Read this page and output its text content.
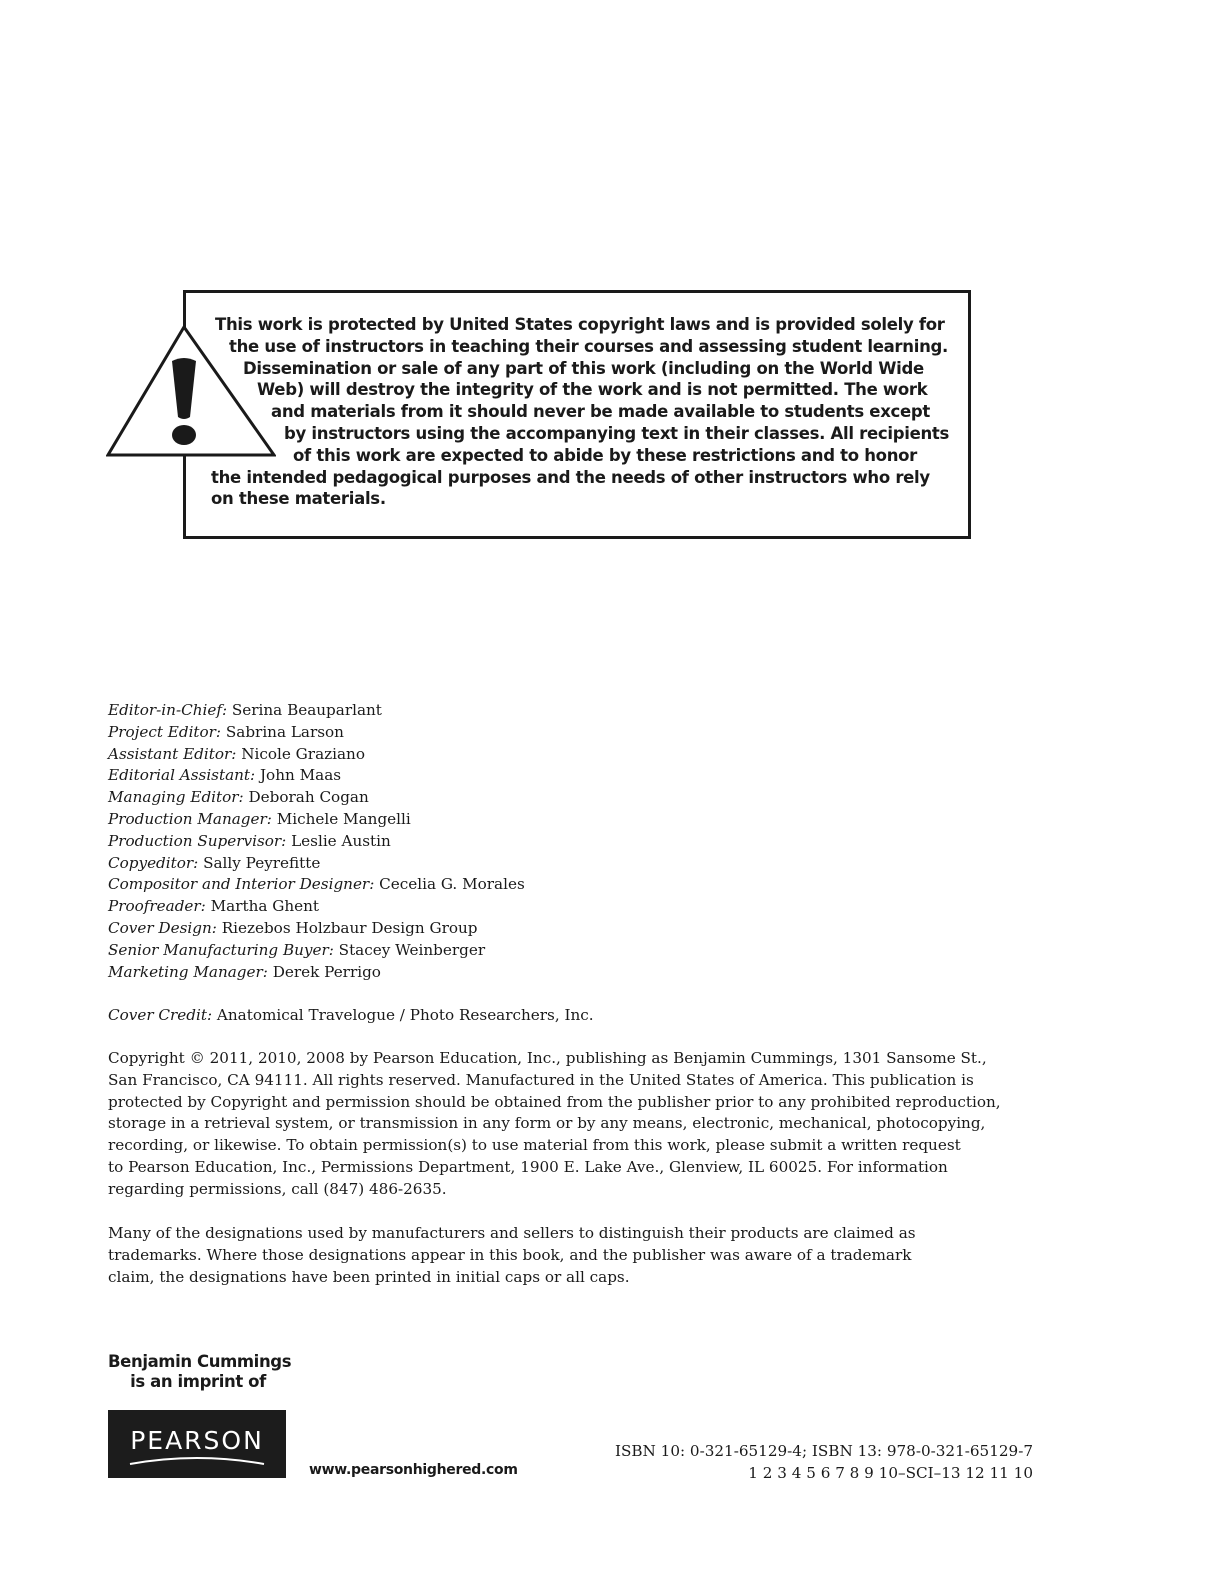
This work is protected by United States copyright laws and is provided solely for
the use of instructors in teaching their courses and assessing student learning.
Dissemination or sale of any part of this work (including on the World Wide
Web) will destroy the integrity of the work and is not permitted. The work
and materials from it should never be made available to students except
by instructors using the accompanying text in their classes. All recipients
of this work are expected to abide by these restrictions and to honor
the intended pedagogical purposes and the needs of other instructors who rely
on these materials.

Editor-in-Chief: Serina Beauparlant
Project Editor: Sabrina Larson
Assistant Editor: Nicole Graziano
Editorial Assistant: John Maas
Managing Editor: Deborah Cogan
Production Manager: Michele Mangelli
Production Supervisor: Leslie Austin
Copyeditor: Sally Peyrefitte
Compositor and Interior Designer: Cecelia G. Morales
Proofreader: Martha Ghent
Cover Design: Riezebos Holzbaur Design Group
Senior Manufacturing Buyer: Stacey Weinberger
Marketing Manager: Derek Perrigo

Cover Credit: Anatomical Travelogue / Photo Researchers, Inc.

Copyright © 2011, 2010, 2008 by Pearson Education, Inc., publishing as Benjamin Cummings, 1301 Sansome St.,
San Francisco, CA 94111. All rights reserved. Manufactured in the United States of America. This publication is
protected by Copyright and permission should be obtained from the publisher prior to any prohibited reproduction,
storage in a retrieval system, or transmission in any form or by any means, electronic, mechanical, photocopying,
recording, or likewise. To obtain permission(s) to use material from this work, please submit a written request
to Pearson Education, Inc., Permissions Department, 1900 E. Lake Ave., Glenview, IL 60025. For information
regarding permissions, call (847) 486-2635.

Many of the designations used by manufacturers and sellers to distinguish their products are claimed as
trademarks. Where those designations appear in this book, and the publisher was aware of a trademark
claim, the designations have been printed in initial caps or all caps.

Benjamin Cummings
is an imprint of

PEARSON

www.pearsonhighered.com

ISBN 10: 0-321-65129-4; ISBN 13: 978-0-321-65129-7
1 2 3 4 5 6 7 8 9 10–SCI–13 12 11 10
